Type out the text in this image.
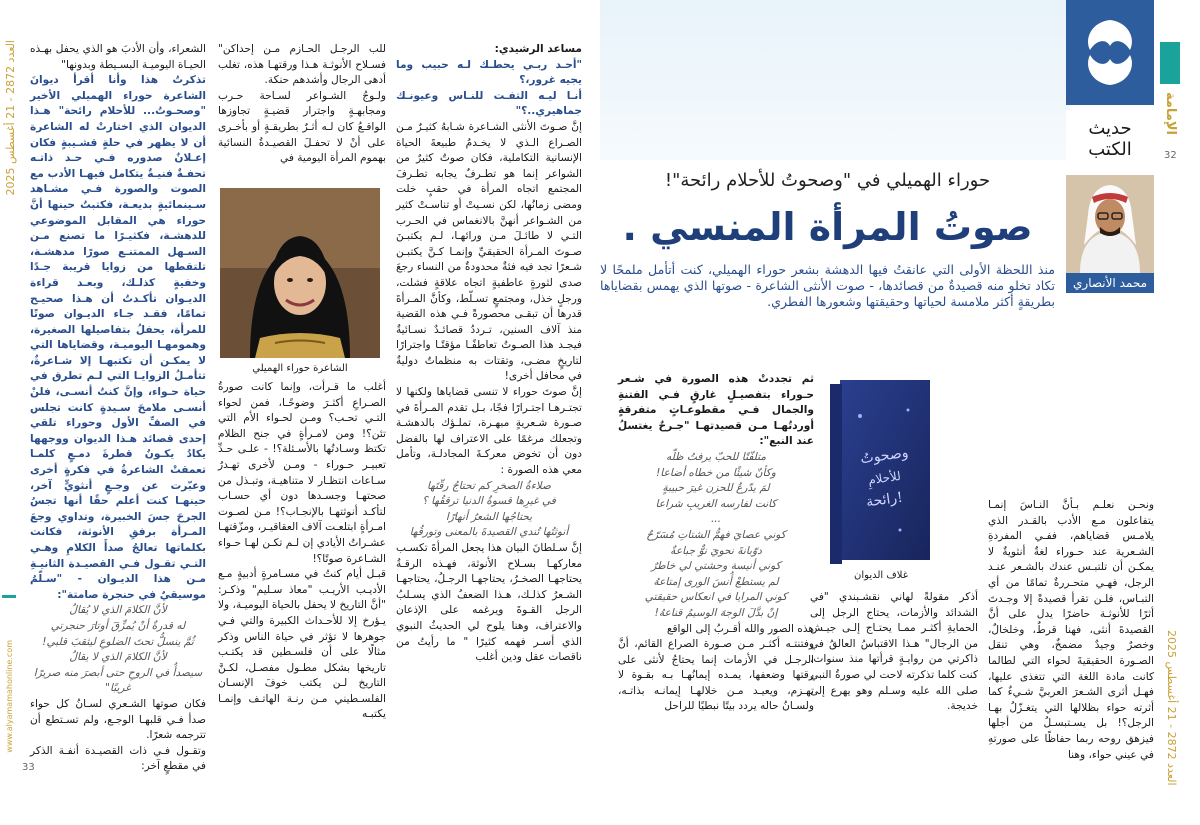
العدد 2872 - 21 أغسطس 2025
www.alyamamahonline.com
33

الشعراء، وأن الأدبَ هو الذي يحفل بهـذه الحيـاة اليوميـة البسـيطة وبدونها"

تذكرتُ هذا وأنا أقرأ ديوانَ الشاعرة حوراء الهميلي الأخير "وصحـوتُ... للأحلام رائحة" هـذا الديوان الذي اختارتْ له الشاعرة أن لا يظهر في حلةٍ قشـيبةٍ فكان إعـلانٌ صدوره فـي حـد ذاتـه تحفـةٌ فنيـةٌ يتكامل فيهـا الأدب مع الصوت والصورة فـي مشـاهد سـينمائيةٍ بديعـة، فكتبتُ حينها أنَّ حوراء هي المقابل الموضوعي للدهشـة، فكثيـرًا ما تصنع مـن السـهل الممتنـع صورًا مدهشـة، تلتقطها من زوايا قريبة جـدًا وخفيةٍ كذلـك، وبعـد قراءة الديـوان تأكـدتُ أن هـذا صحيـح تمامًا، فقـد جـاء الديـوان صوتًا للمرأة، يحفلُ بتفاصيلها الصغيرة، وهمومهـا اليوميـة، وقضاياها التي لا يمكـن أن تكتبهـا إلا شـاعرةٌ، تتأمـلُ الزوايـا التي لـم تطرق في حياة حـواء، وإنَّ كنتُ أنسـى، فلنْ أنسـى ملامحَ سـيدةٍ كانت تجلس في الصفِّ الأول وحوراء تلقي إحدى قصائد هـذا الديوان ووجهها يكادُ يكـونُ قطرةَ دمـعٍ كلمـا تعمقتْ الشاعرةُ في فكرةٍ أخرى وعبّرت عن وجـعٍ أنثويٍّ آخر، حينهـا كنت أعلم حقًا أنها تجسُ الجرحَ جسَ الخبيرة، وتداوي وجعَ المـرأة برفقِ الأنوثة، فكانت بكلماتها تعالجُ صدأَ الكلامِ وهـي التـي تقـول فـي القصيـدة الثانيـةِ مـن هذا الديـوان - "سـلّمُ موسيقيٌ في حنجرة صامتة":

لأنَّ الكلامَ الذي لا يُقالُ

له قدرةٌ أنْ يُمزِّقَ أوتارَ حنجرتي

ثُمَّ ينسلُّ تحتَ الضلوعِ ليثقبَ قلبي!

لأنَّ الكلامَ الذي لا يقالُ

سيصدأُ في الروحِ حتى أبصرَ منه صريرًا غريبًا"

فكان صوتها الشـعري لسـانُ كل حواء صدأ فـي قلبهـا الوجـع، ولم تسـتطع أن تترجمه شعرًا.

وتقـول فـي ذات القصيـدة أنفـة الذكر في مقطعٍ آخر:

للب الرجـل الحـازم مـن إحداكن" فسـلاح الأنوثـة هـذا ورقتهـا هذه، تغلب أدهى الرجال وأشدهم حنكة.

ولـوجُ الشـواعر لسـاحة حـرب ومجابهـةٍ واجترار قضيـةٍ تجاوزها الواقـعُ كان لـه أثـرٌ بطريقـةٍ أو بأخـرى على أنْ لا تحفـلَ القصيـدةُ النسائية بهموم المرأة اليومية في

الشاعرة حوراء الهميلي

أغلب ما قـرأت، وإنما كانت صورةُ الصـراعِ أكثـرَ وضوحًـا، فمن لحواء التـي تحـب؟ ومـن لحـواء الأم التي تئن؟! ومن لامـرأةٍ في جنح الظلام تكتظ وسـادتُها بالأسـئلة؟! - علـى حـدِّ تعبيـر حـوراء - ومـن لأخرى تهـدرُ سـاعات انتظـار لا متناهيـة، وتبـذل من صحتهـا وجسـدها دون أي حسـاب لتأكـد أنوثتهـا بالإنجـاب؟! مـن لصـوت امـرأةٍ ابتلعـت آلاف العقاقيـر، ومزّقتهـا عشـراتُ الأيادي إن لـم تكـن لهـا حـواء الشـاعرة صوتًا؟!

قبـل أيام كنتُ في مسـامرةٍ أدبيةٍ مـع الأديـب الأريـب "معاذ سـليم" وذكـر: "أنَّ التاريخ لا يحفل بالحياة اليوميـة، ولا يـؤرخ إلا للأحـداث الكبيرة والتي فـي جوهرها لا تؤثر في حياة الناس وذكر مثالًا على أن فلسـطين قد يكتـب تاريخها بشكل مطـول مفصـل، لكـنَّ التاريخ لـن يكتب خوفَ الإنسـان الفلسـطيني مـن رنـة الهاتـف وإنمـا يكتبـه

مساعد الرشيدي:

"أحـد ربـي يحطـك لـه حبيب وما يجيه غرور،؟

أنـا ليـه التفـت للنـاس وعيونـك جماهيري..؟"

إنَّ صـوتَ الأنثى الشـاعرة شـابهُ كثيـرٌ مـن الصـراع الـذي لا يخـدمُ طبيعةَ الحياة الإنسانية التكاملية، فكان صوتٌ كثيرٌ من الشواعر إنما هو تطـرفٌ يجابه تطـرفَ المجتمع اتجاه المرأة في حقبٍ خلت ومضى زمانُها، لكن نسـيتْ أو تناسـتْ كثير من الشـواعر أنهنَّ بالانغماس في الحـرب التـي لا طائـلَ مـن ورائهـا، لـم يكتبـنَ صـوتَ المـرأة الحقيقيِّ وإنمـا كـنَّ يكتبـن شـعرًا تجد فيه فئةٌ محدودةٌ من النساء رجعَ صدى لثورةٍ عاطفيةٍ اتجاه علاقةٍ فشلت، ورجلٍ خذل، ومجتمعٍ تسـلّط، وكأنَّ المـرأةَ قدرها أن تبقـى محصورةً فـي هذه القضية منذ آلاف السنين، تـرددُ قصائـدٌ نسـائيةٌ فيجـد هذا الصـوتُ تعاطفًـا مؤقتًـا واجترارًا لتاريخٍ مضـى، وتقتات به منظماتٌ دوليةٌ في محافل أخرى!

إنَّ صوتَ حوراء لا تنسى قضاياها ولكنها لا تجتـرهـا اجتـرارًا فجًا، بـل تقدم المـرأةَ في صـورة شـعريةٍ مبهـرة، تملـؤك بالدهشـة وتجعلك مرغمًا على الاعتراف لها بالفضل دون أن تخوض معركـةَ المجادلـة، وتأمل معي هذه الصورة :

صلاءةُ الصخرِ كم تحتاجُ رقّتَها

في غيرِها قسوةُ الدنيا ترققُها ؟

يحتاجُها الشعرُ أنهارًا

أنوثتُها تُندي القصيدةَ بالمعنى وتورقُها

إنَّ سـلطانَ البيان هذا يجعل المرأةَ تكسـب معاركهـا بسـلاح الأنوثة، فهـذه الرقـةُ يحتاجهـا الصخـرُ، يحتاجهـا الرجـلُ، يحتاجهـا الشـعرُ كذلـك، هـذا الضعفُ الذي يسـلبُ الرجل القـوةَ ويرغمه على الإذعان والاعتراف، وهنا يلوح لي الحديثُ النبوي الذي أسـر فهمه كثيرًا " ما رأيتُ من ناقصات عقل ودين أغلب

الإمامة
32
العدد 2872 - 21 أغسطس 2025
حديث
الكتب
محمد الأنصاري
حوراء الهميلي في "وصحوتُ للأحلام رائحة"!
صوتُ المرأة المنسي .
منذ اللحظة الأولى التي عانقتُ فيها الدهشة بشعر حوراء الهميلي، كنت أتأمل ملمحًا لا تكاد تخلو منه قصيدةٌ من قصائدها، - صوت الأنثى الشاعرة - صوتها الذي يهمس بقضاياها بطريقةٍ أكثر ملامسة لحياتها وحقيقتها وشعورها الفطري.
وصحوتُ
للأحلامِ
رائحة!
غلاف الديوان

ونحـن نعلـم بـأنَّ النـاسَ إنمـا يتفاعلون مـع الأدب بالقـدر الذي يلامـس قضاياهم، ففـي المفردةِ الشـعرية عند حـوراء لغةٌ أنثويةٌ لا يمكـن أن تلتبـس عندك بالشـعر عنـد الرجل، فهـي متحـررةٌ تمامًا من أي التبـاس، فلـن تقرأ قصيدةً إلا وجـدتَ أثرًا للأنوثـة حاضرًا يدل على أنَّ القصيدةَ أنثى، فهنا قرطٌ، وخلخالٌ، وخصرٌ وجيدٌ مضمخٌ، وهي تنقل الصـورة الحقيقيةَ لحواء التي لطالما كانت مادة اللغة التي تتغذى عليها، فهـل أثرى الشـعرَ العربيَّ شـيءٌ كما أثرته حواء بظلالها التي يتغـزّلُ بهـا الرجل؟! بل يسـتبسـلُ من أجلها فيزهق روحه ربما حفاظًا على صورتهِ في عيني حواء، وهنا

أذكر مقولةً لهاني نقشـبندي "في الشدائد والأزمات، يحتاج الرجل إلى الحمايةِ أكثـر ممـا يحتـاج إلـى جيـش من الرجال" هـذا الاقتباسُ العالقُ في ذاكرتي من روايـةٍ قرأتها منذ سنوات، كنت كلما تذكرته لاحت لي صورةُ النبي صلى الله عليه وسـلم وهو يهرع إلى خديجة.

ثم تجددتْ هذه الصورة في شـعر حـوراء بتفصيـلٍ غارقٍ فـي الفتنةِ والجمال فـي مقطوعـاتٍ متفرقةٍ أوردتُهـا مـن قصيدتهـا "جـرحٌ يغتسلُ عند النبع":

متلفّتًا للحبّ يرفتُ ظلّه

وكأنّ شيئًا من خطاه أضاعا!

لمَ يدّرعُ للحزن غيرَ حبيبةٍ

كانت لفارسه الغريبِ شراعا

...

كوني عصايَ فهمُّ الشتاتِ مُسَرّحٌ

دوّبانةَ نحويَ نوٌّ جباعةٌ

كوني أنيسة وحشتي لي خاطرٌ

لم يستطعْ أُنسَ الورى إمتاعهُ

كوني المرايا في انعكاس حقيقتي

إنْ بدَّلَ الوجهَ الوسيمُ قناعهُ!

هذه الصور والله أقـربُ إلى الواقع

وفتنتـه أكثـر مـن صـورة الصراع القائم، أنَّ الرجـل في الأزمات إنما يحتاجُ لأنثى على رقتها وضعفها، يمـده إيمانُهـا بـه بقـوة لا تهـزم، ويعيـد مـن خلالهـا إيمانـه بذاتـه، ولسـانُ حاله يردد بيتًا نبطيًا للراحل
